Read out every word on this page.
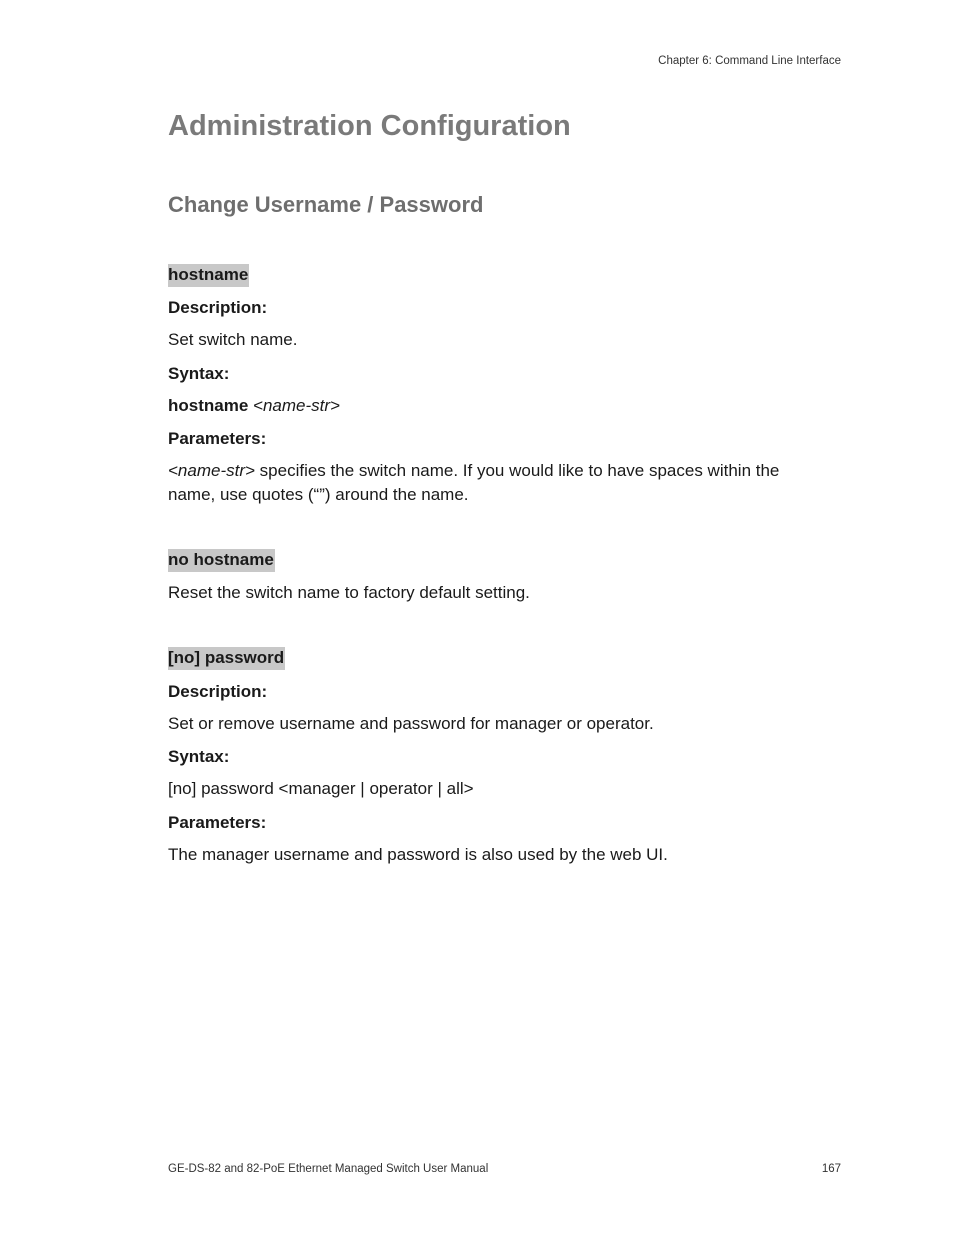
Chapter 6: Command Line Interface
Administration Configuration
Change Username / Password
hostname
Description:
Set switch name.
Syntax:
hostname <name-str>
Parameters:
<name-str> specifies the switch name. If you would like to have spaces within the
name, use quotes (“”) around the name.
no hostname
Reset the switch name to factory default setting.
[no] password
Description:
Set or remove username and password for manager or operator.
Syntax:
[no] password <manager | operator | all>
Parameters:
The manager username and password is also used by the web UI.
GE-DS-82 and 82-PoE Ethernet Managed Switch User Manual	167
